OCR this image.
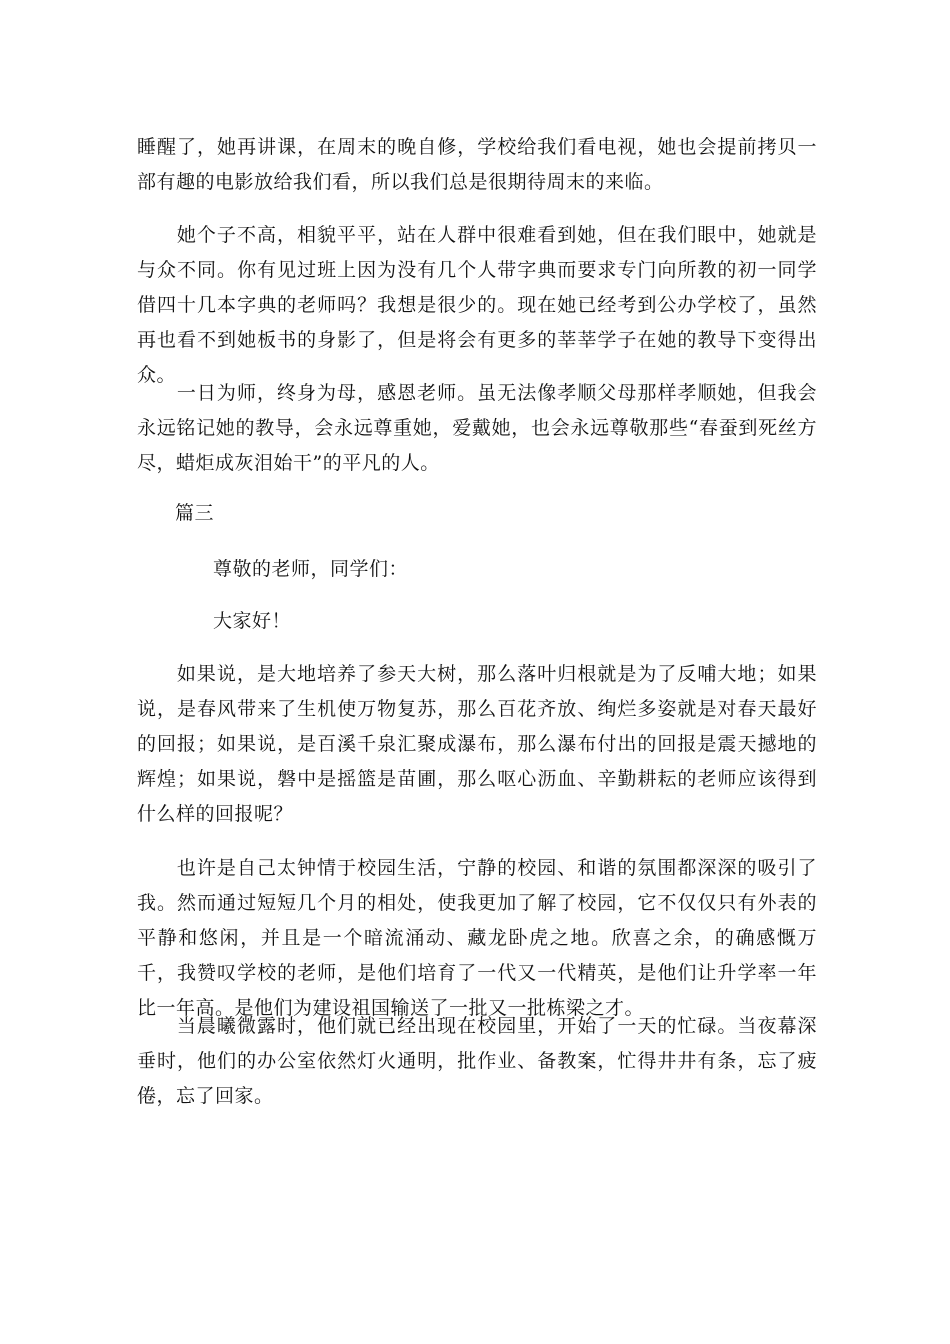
睡醒了，她再讲课，在周末的晚自修，学校给我们看电视，她也会提前拷贝一部有趣的电影放给我们看，所以我们总是很期待周末的来临。

她个子不高，相貌平平，站在人群中很难看到她，但在我们眼中，她就是与众不同。你有见过班上因为没有几个人带字典而要求专门向所教的初一同学借四十几本字典的老师吗？我想是很少的。现在她已经考到公办学校了，虽然再也看不到她板书的身影了，但是将会有更多的莘莘学子在她的教导下变得出众。

一日为师，终身为母，感恩老师。虽无法像孝顺父母那样孝顺她，但我会永远铭记她的教导，会永远尊重她，爱戴她，也会永远尊敬那些“春蚕到死丝方尽，蜡炬成灰泪始干”的平凡的人。

篇三

尊敬的老师，同学们：

大家好！

如果说，是大地培养了参天大树，那么落叶归根就是为了反哺大地；如果说，是春风带来了生机使万物复苏，那么百花齐放、绚烂多姿就是对春天最好的回报；如果说，是百溪千泉汇聚成瀑布，那么瀑布付出的回报是震天撼地的辉煌；如果说，磐中是摇篮是苗圃，那么呕心沥血、辛勤耕耘的老师应该得到什么样的回报呢？

也许是自己太钟情于校园生活，宁静的校园、和谐的氛围都深深的吸引了我。然而通过短短几个月的相处，使我更加了解了校园，它不仅仅只有外表的平静和悠闲，并且是一个暗流涌动、藏龙卧虎之地。欣喜之余，的确感慨万千，我赞叹学校的老师，是他们培育了一代又一代精英，是他们让升学率一年比一年高。是他们为建设祖国输送了一批又一批栋梁之才。

当晨曦微露时，他们就已经出现在校园里，开始了一天的忙碌。当夜幕深垂时，他们的办公室依然灯火通明，批作业、备教案，忙得井井有条，忘了疲倦，忘了回家。
